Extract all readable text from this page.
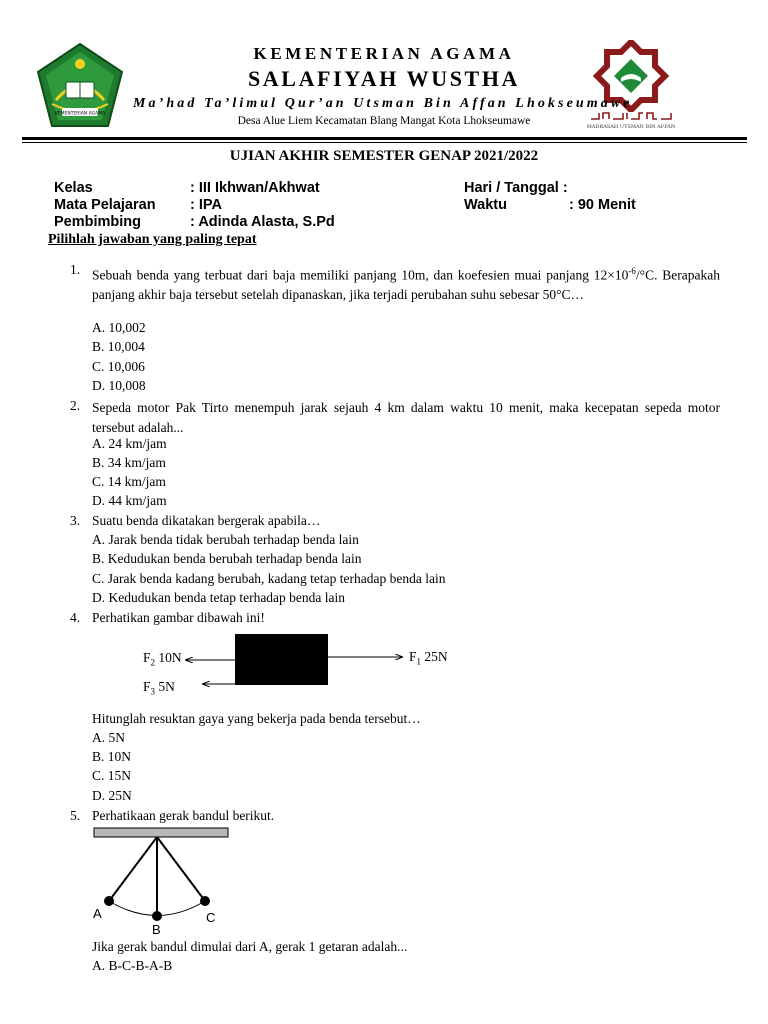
KEMENTERIAN AGAMA
MADRASAH UTSMAN BIN AFFAN
KEMENTERIAN AGAMA
SALAFIYAH WUSTHA
Ma’had Ta’limul Qur’an Utsman Bin Affan Lhokseumawe
Desa Alue Liem Kecamatan Blang Mangat Kota Lhokseumawe
UJIAN AKHIR SEMESTER GENAP 2021/2022
Kelas	: III Ikhwan/Akhwat
Mata Pelajaran : IPA
Pembimbing	: Adinda Alasta, S.Pd
Hari / Tanggal :
Waktu	: 90 Menit
Pilihlah jawaban yang paling tepat
1. Sebuah benda yang terbuat dari baja memiliki panjang 10m, dan koefesien muai panjang $12\times 10^{-6}/^\circ C$. Berapakah panjang akhir baja tersebut setelah dipanaskan, jika terjadi perubahan suhu sebesar 50°C…
A. 10,002
B. 10,004
C. 10,006
D. 10,008
2. Sepeda motor Pak Tirto menempuh jarak sejauh 4 km dalam waktu 10 menit, maka kecepatan sepeda motor tersebut adalah...
A. 24 km/jam
B. 34 km/jam
C. 14 km/jam
D. 44 km/jam
3. Suatu benda dikatakan bergerak apabila…
A. Jarak benda tidak berubah terhadap benda lain
B. Kedudukan benda berubah terhadap benda lain
C. Jarak benda kadang berubah, kadang tetap terhadap benda lain
D. Kedudukan benda tetap terhadap benda lain
4. Perhatikan gambar dibawah ini!
$F_2$ 10N	$F_1$ 25N
$F_3$ 5N
Hitunglah resuktan gaya yang bekerja pada benda tersebut…
A. 5N
B. 10N
C. 15N
D. 25N
5. Perhatikaan gerak bandul berikut.
A
B
C
Jika gerak bandul dimulai dari A, gerak 1 getaran adalah...
A. B-C-B-A-B
